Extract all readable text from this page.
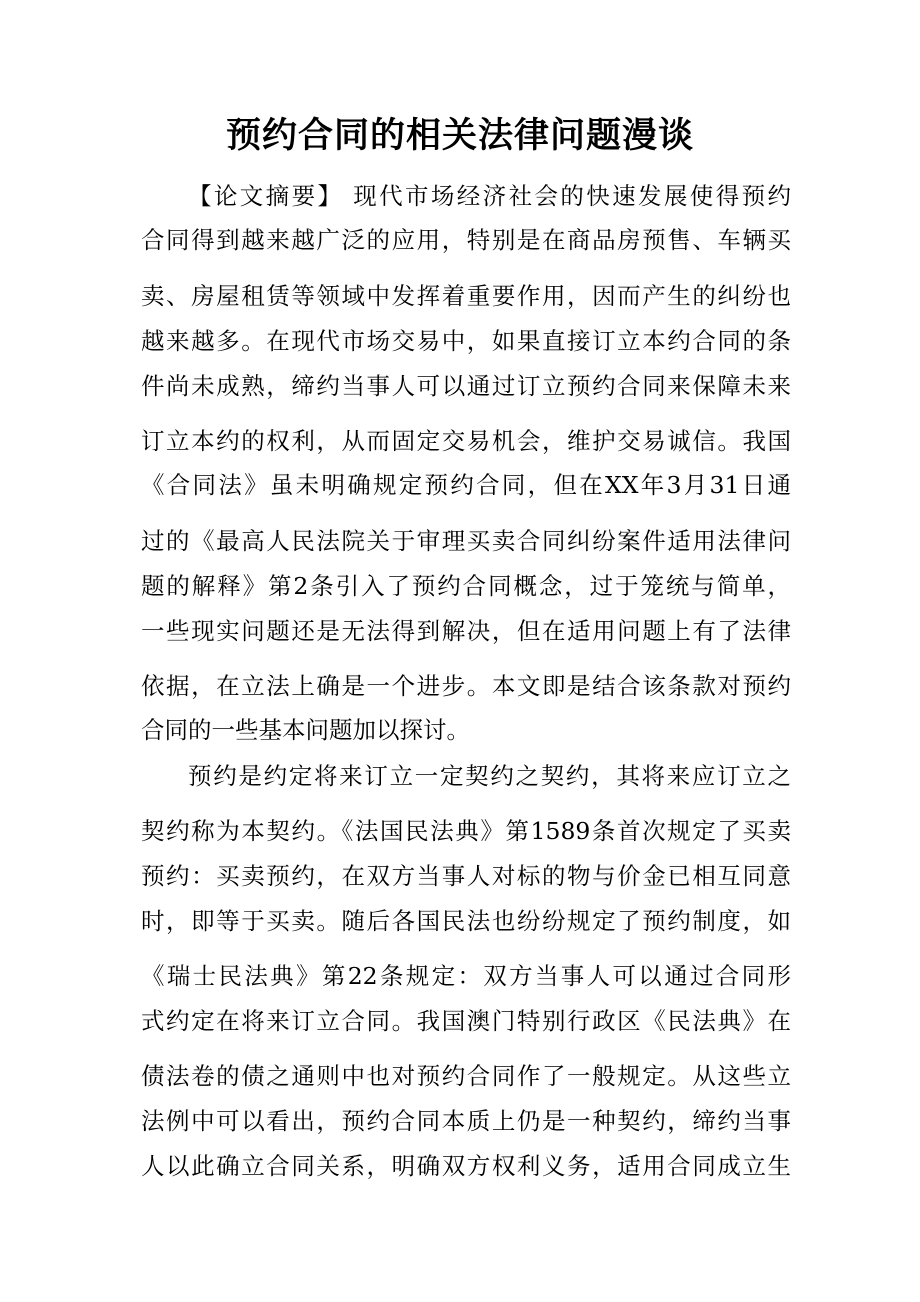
预约合同的相关法律问题漫谈
【论文摘要】 现代市场经济社会的快速发展使得预约
合同得到越来越广泛的应用，特别是在商品房预售、车辆买
卖、房屋租赁等领域中发挥着重要作用，因而产生的纠纷也
越来越多。在现代市场交易中，如果直接订立本约合同的条
件尚未成熟，缔约当事人可以通过订立预约合同来保障未来
订立本约的权利，从而固定交易机会，维护交易诚信。我国
《合同法》虽未明确规定预约合同，但在XX年3月31日通
过的《最高人民法院关于审理买卖合同纠纷案件适用法律问
题的解释》第2条引入了预约合同概念，过于笼统与简单，
一些现实问题还是无法得到解决，但在适用问题上有了法律
依据，在立法上确是一个进步。本文即是结合该条款对预约
合同的一些基本问题加以探讨。
预约是约定将来订立一定契约之契约，其将来应订立之
契约称为本契约。《法国民法典》第1589条首次规定了买卖
预约：买卖预约，在双方当事人对标的物与价金已相互同意
时，即等于买卖。随后各国民法也纷纷规定了预约制度，如
《瑞士民法典》第22条规定：双方当事人可以通过合同形
式约定在将来订立合同。我国澳门特别行政区《民法典》在
债法卷的债之通则中也对预约合同作了一般规定。从这些立
法例中可以看出，预约合同本质上仍是一种契约，缔约当事
人以此确立合同关系，明确双方权利义务，适用合同成立生
